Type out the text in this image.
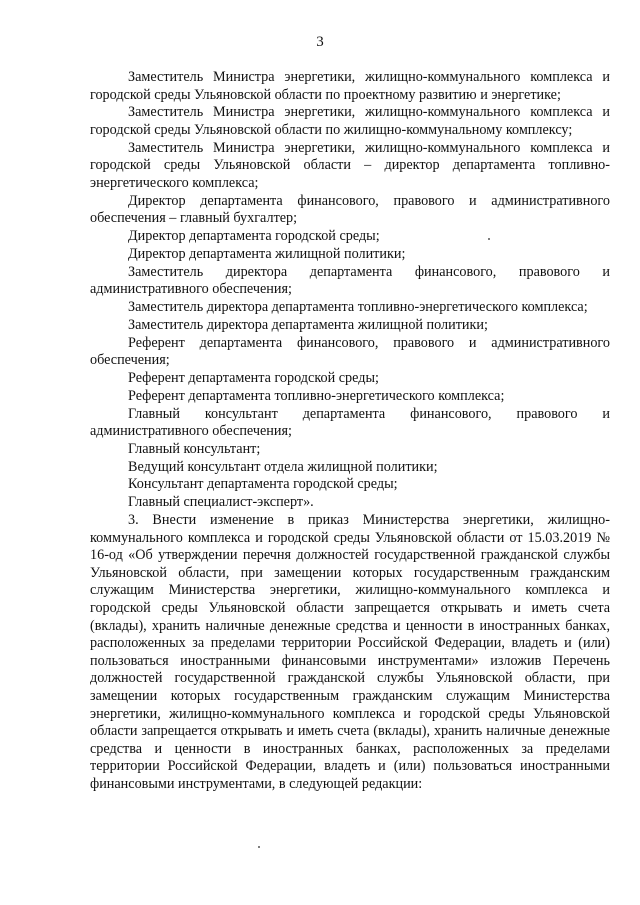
3

Заместитель Министра энергетики, жилищно-коммунального комплекса и городской среды Ульяновской области по проектному развитию и энергетике;

Заместитель Министра энергетики, жилищно-коммунального комплекса и городской среды Ульяновской области по жилищно-коммунальному комплексу;

Заместитель Министра энергетики, жилищно-коммунального комплекса и городской среды Ульяновской области – директор департамента топливно-энергетического комплекса;

Директор департамента финансового, правового и административного обеспечения – главный бухгалтер;

Директор департамента городской среды;

Директор департамента жилищной политики;

Заместитель директора департамента финансового, правового и административного обеспечения;

Заместитель директора департамента топливно-энергетического комплекса;

Заместитель директора департамента жилищной политики;

Референт департамента финансового, правового и административного обеспечения;

Референт департамента городской среды;

Референт департамента топливно-энергетического комплекса;

Главный консультант департамента финансового, правового и административного обеспечения;

Главный консультант;

Ведущий консультант отдела жилищной политики;

Консультант департамента городской среды;

Главный специалист-эксперт».

3. Внести изменение в приказ Министерства энергетики, жилищно-коммунального комплекса и городской среды Ульяновской области от 15.03.2019 № 16-од «Об утверждении перечня должностей государственной гражданской службы Ульяновской области, при замещении которых государственным гражданским служащим Министерства энергетики, жилищно-коммунального комплекса и городской среды Ульяновской области запрещается открывать и иметь счета (вклады), хранить наличные денежные средства и ценности в иностранных банках, расположенных за пределами территории Российской Федерации, владеть и (или) пользоваться иностранными финансовыми инструментами» изложив Перечень должностей государственной гражданской службы Ульяновской области, при замещении которых государственным гражданским служащим Министерства энергетики, жилищно-коммунального комплекса и городской среды Ульяновской области запрещается открывать и иметь счета (вклады), хранить наличные денежные средства и ценности в иностранных банках, расположенных за пределами территории Российской Федерации, владеть и (или) пользоваться иностранными финансовыми инструментами, в следующей редакции:
